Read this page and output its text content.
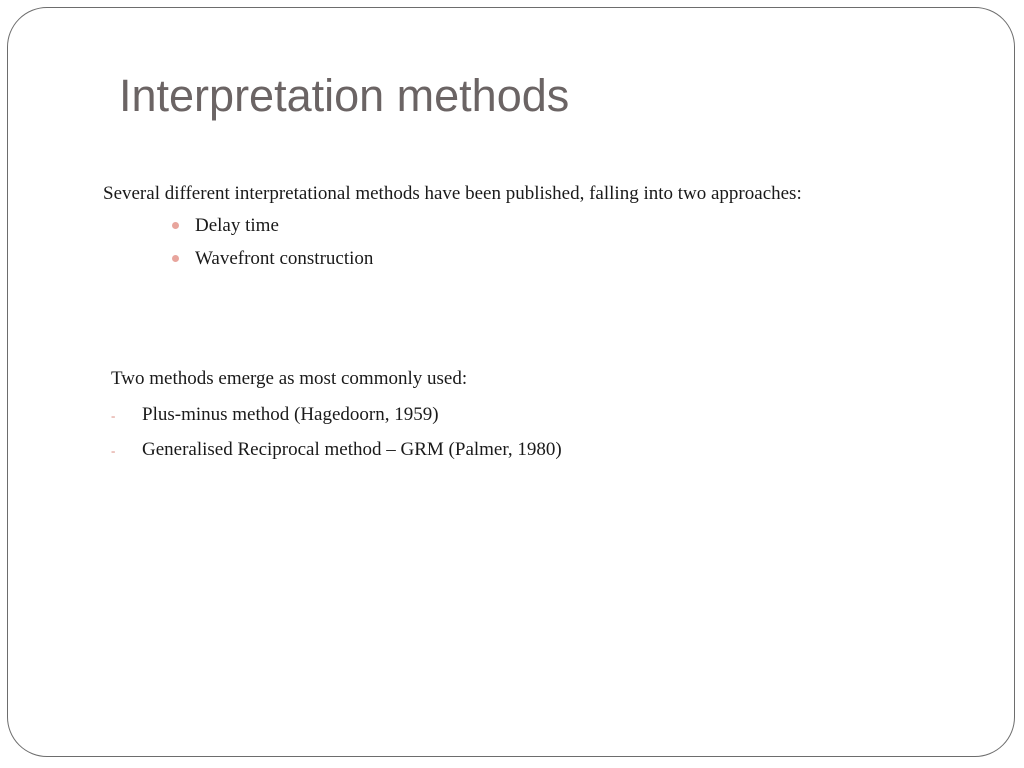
Interpretation methods
Several different interpretational methods have been published, falling into two approaches:
Delay time
Wavefront construction
Two methods emerge as most commonly used:
- Plus-minus method (Hagedoorn, 1959)
- Generalised Reciprocal method – GRM (Palmer, 1980)
